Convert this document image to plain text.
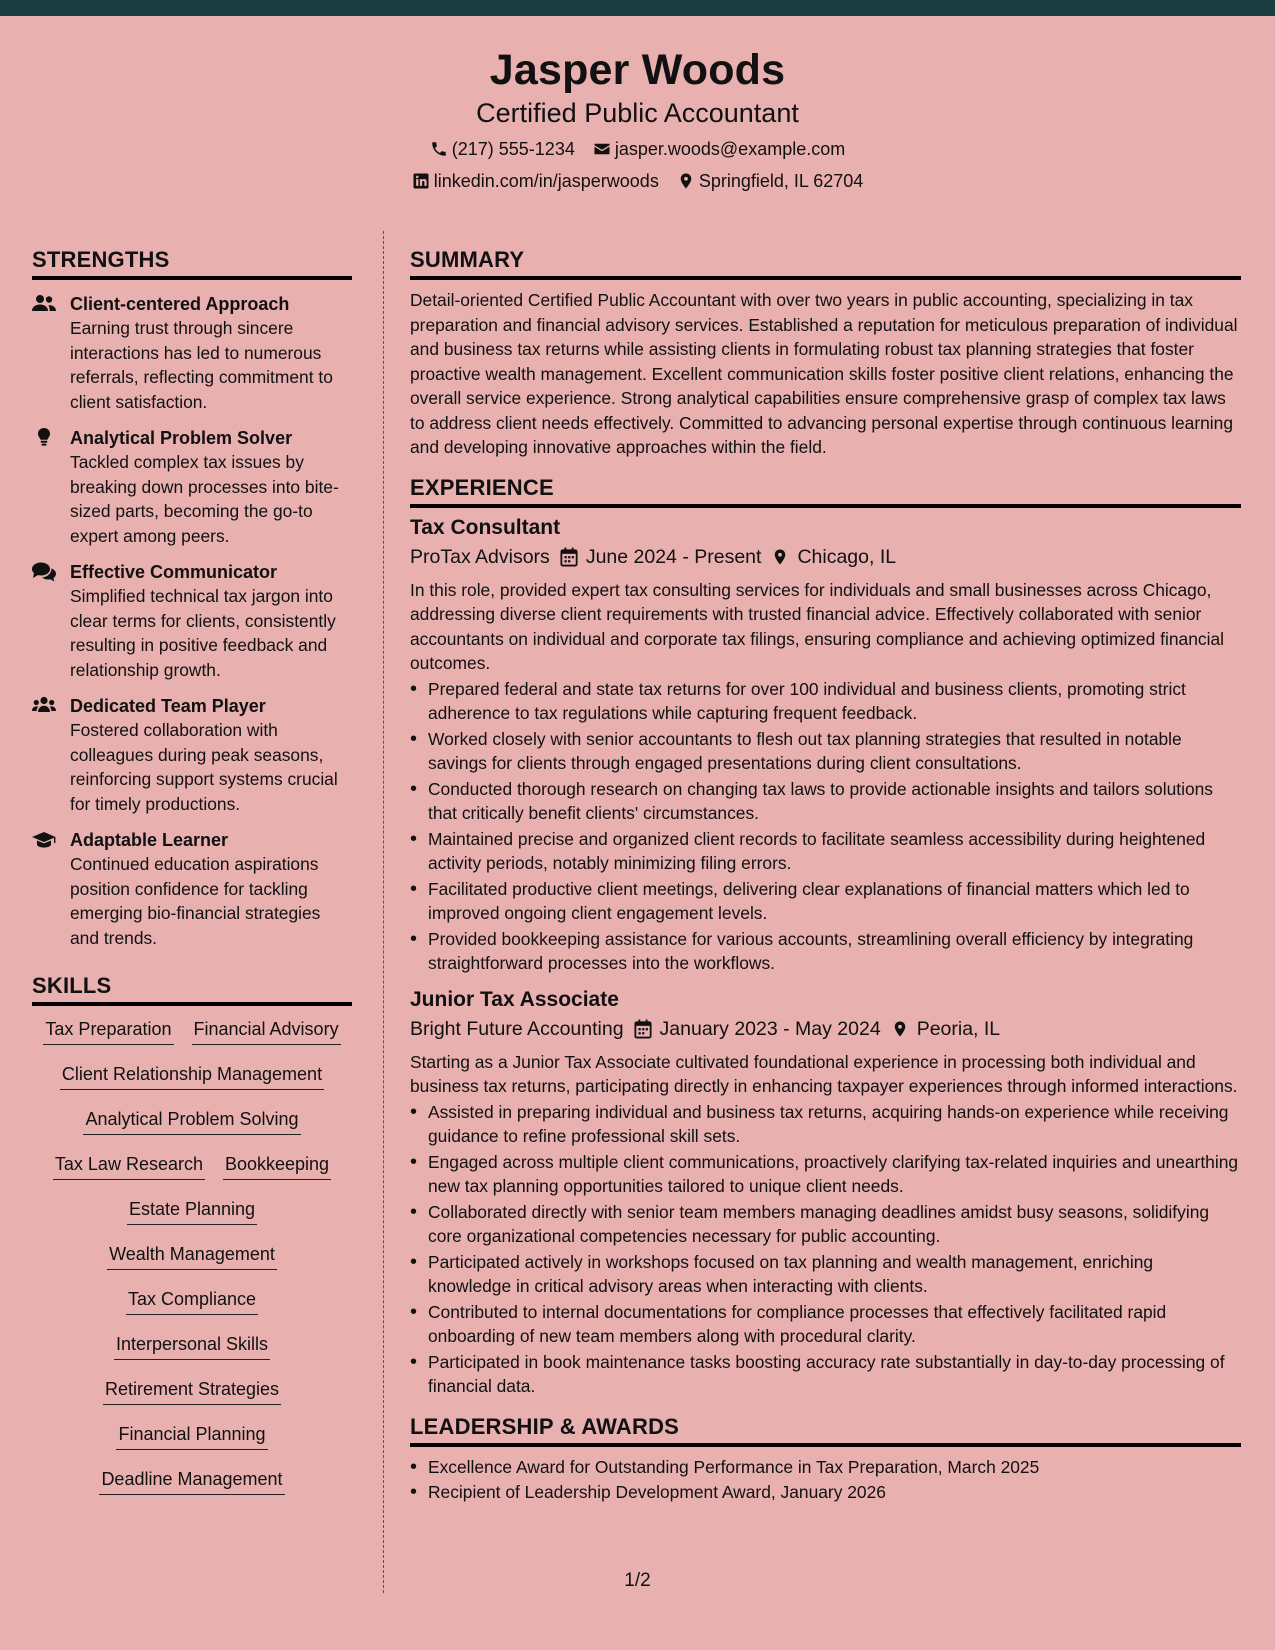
Jasper Woods
Certified Public Accountant
(217) 555-1234 jasper.woods@example.com
linkedin.com/in/jasperwoods Springfield, IL 62704
STRENGTHS
Client-centered Approach
Earning trust through sincere interactions has led to numerous referrals, reflecting commitment to client satisfaction.
Analytical Problem Solver
Tackled complex tax issues by breaking down processes into bite-sized parts, becoming the go-to expert among peers.
Effective Communicator
Simplified technical tax jargon into clear terms for clients, consistently resulting in positive feedback and relationship growth.
Dedicated Team Player
Fostered collaboration with colleagues during peak seasons, reinforcing support systems crucial for timely productions.
Adaptable Learner
Continued education aspirations position confidence for tackling emerging bio-financial strategies and trends.
SKILLS
Tax Preparation Financial Advisory
Client Relationship Management
Analytical Problem Solving
Tax Law Research Bookkeeping
Estate Planning
Wealth Management
Tax Compliance
Interpersonal Skills
Retirement Strategies
Financial Planning
Deadline Management
SUMMARY
Detail-oriented Certified Public Accountant with over two years in public accounting, specializing in tax preparation and financial advisory services. Established a reputation for meticulous preparation of individual and business tax returns while assisting clients in formulating robust tax planning strategies that foster proactive wealth management. Excellent communication skills foster positive client relations, enhancing the overall service experience. Strong analytical capabilities ensure comprehensive grasp of complex tax laws to address client needs effectively. Committed to advancing personal expertise through continuous learning and developing innovative approaches within the field.
EXPERIENCE
Tax Consultant
ProTax Advisors June 2024 - Present Chicago, IL
In this role, provided expert tax consulting services for individuals and small businesses across Chicago, addressing diverse client requirements with trusted financial advice. Effectively collaborated with senior accountants on individual and corporate tax filings, ensuring compliance and achieving optimized financial outcomes.
• Prepared federal and state tax returns for over 100 individual and business clients, promoting strict adherence to tax regulations while capturing frequent feedback.
• Worked closely with senior accountants to flesh out tax planning strategies that resulted in notable savings for clients through engaged presentations during client consultations.
• Conducted thorough research on changing tax laws to provide actionable insights and tailors solutions that critically benefit clients' circumstances.
• Maintained precise and organized client records to facilitate seamless accessibility during heightened activity periods, notably minimizing filing errors.
• Facilitated productive client meetings, delivering clear explanations of financial matters which led to improved ongoing client engagement levels.
• Provided bookkeeping assistance for various accounts, streamlining overall efficiency by integrating straightforward processes into the workflows.
Junior Tax Associate
Bright Future Accounting January 2023 - May 2024 Peoria, IL
Starting as a Junior Tax Associate cultivated foundational experience in processing both individual and business tax returns, participating directly in enhancing taxpayer experiences through informed interactions.
• Assisted in preparing individual and business tax returns, acquiring hands-on experience while receiving guidance to refine professional skill sets.
• Engaged across multiple client communications, proactively clarifying tax-related inquiries and unearthing new tax planning opportunities tailored to unique client needs.
• Collaborated directly with senior team members managing deadlines amidst busy seasons, solidifying core organizational competencies necessary for public accounting.
• Participated actively in workshops focused on tax planning and wealth management, enriching knowledge in critical advisory areas when interacting with clients.
• Contributed to internal documentations for compliance processes that effectively facilitated rapid onboarding of new team members along with procedural clarity.
• Participated in book maintenance tasks boosting accuracy rate substantially in day-to-day processing of financial data.
LEADERSHIP & AWARDS
• Excellence Award for Outstanding Performance in Tax Preparation, March 2025
• Recipient of Leadership Development Award, January 2026
1/2
